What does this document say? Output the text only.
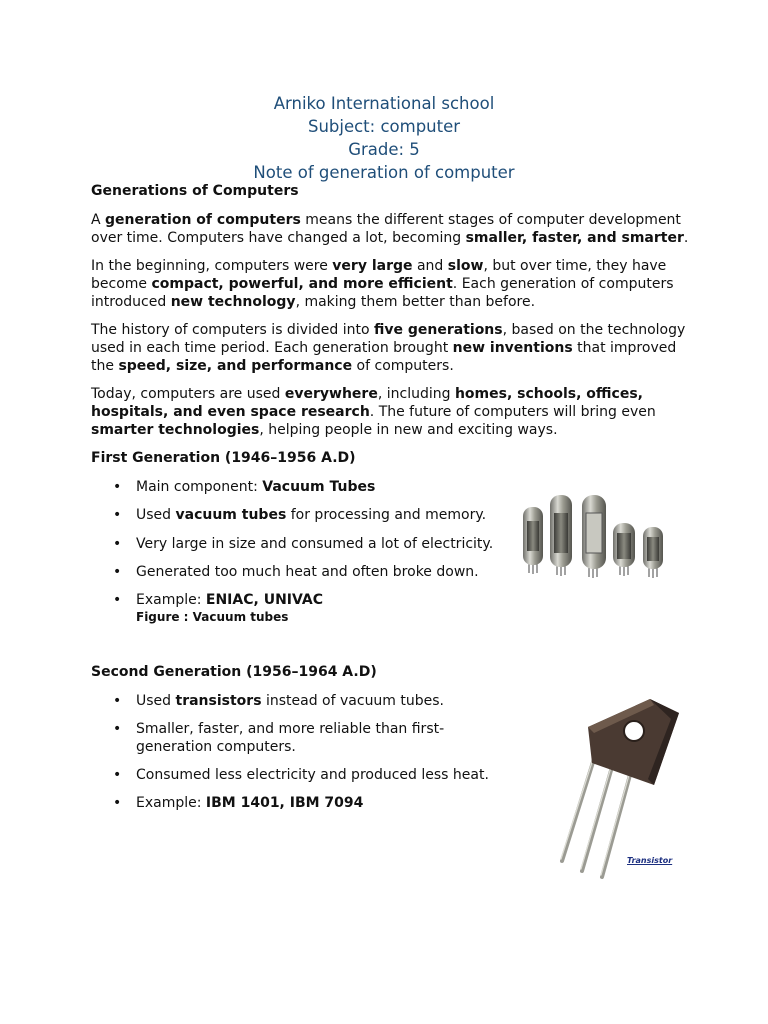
Arniko International school
Subject: computer
Grade: 5
Note of generation of computer
Generations of Computers

A generation of computers means the different stages of computer development over time. Computers have changed a lot, becoming smaller, faster, and smarter.

In the beginning, computers were very large and slow, but over time, they have become compact, powerful, and more efficient. Each generation of computers introduced new technology, making them better than before.

The history of computers is divided into five generations, based on the technology used in each time period. Each generation brought new inventions that improved the speed, size, and performance of computers.

Today, computers are used everywhere, including homes, schools, offices, hospitals, and even space research. The future of computers will bring even smarter technologies, helping people in new and exciting ways.

First Generation (1946–1956 A.D)
• Main component: Vacuum Tubes
• Used vacuum tubes for processing and memory.
• Very large in size and consumed a lot of electricity.
• Generated too much heat and often broke down.
• Example: ENIAC, UNIVAC
Figure : Vacuum tubes
Second Generation (1956–1964 A.D)
• Used transistors instead of vacuum tubes.
• Smaller, faster, and more reliable than first-generation computers.
• Consumed less electricity and produced less heat.
• Example: IBM 1401, IBM 7094
Transistor
